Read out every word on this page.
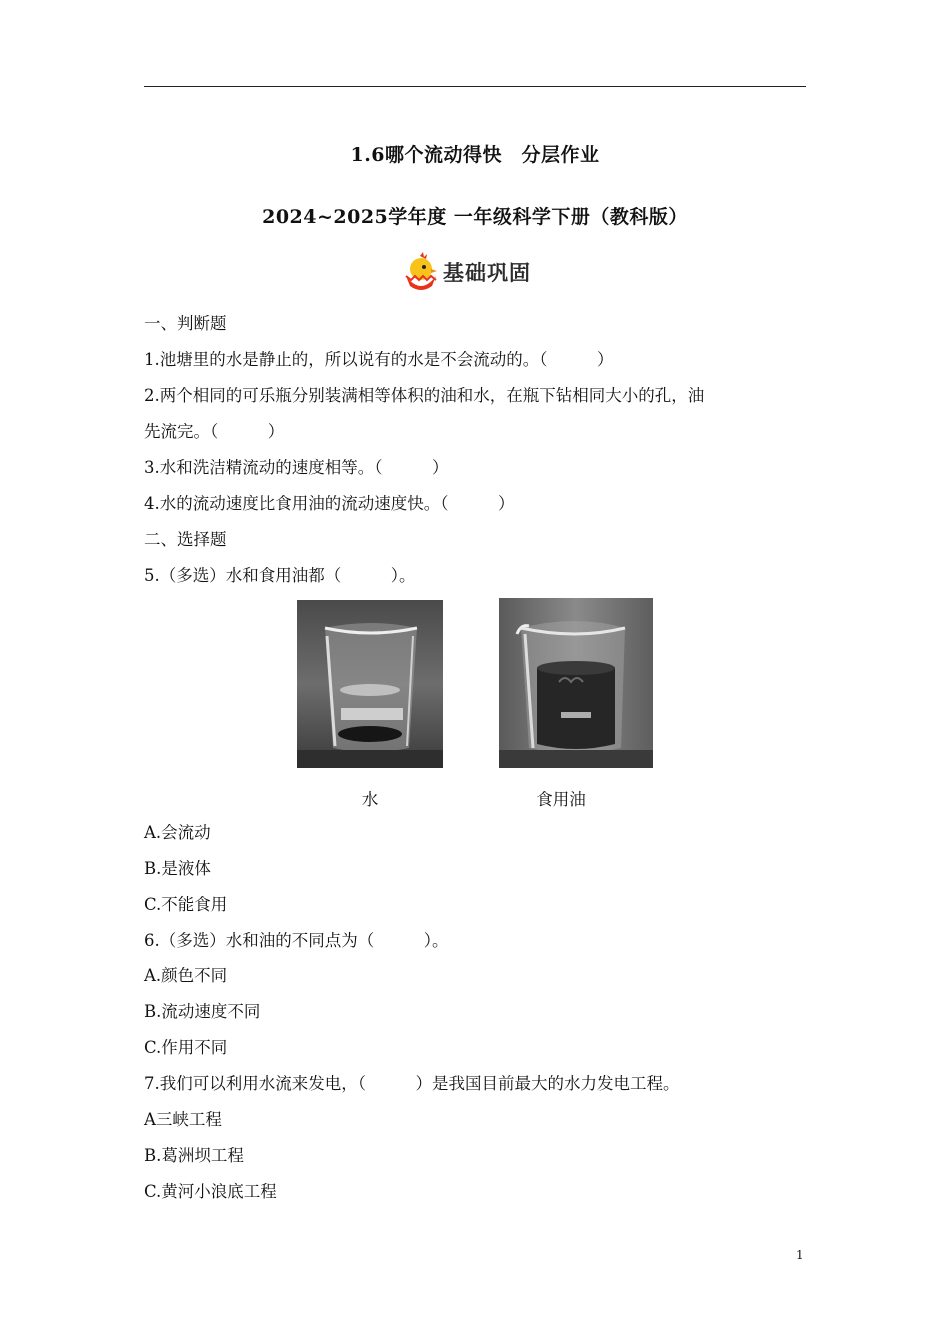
1.6哪个流动得快　分层作业
2024~2025学年度 一年级科学下册（教科版）
基础巩固
一、判断题
1.池塘里的水是静止的，所以说有的水是不会流动的。（　　　）
2.两个相同的可乐瓶分别装满相等体积的油和水，在瓶下钻相同大小的孔，油
先流完。（　　　）
3.水和洗洁精流动的速度相等。（　　　）
4.水的流动速度比食用油的流动速度快。（　　　）
二、选择题
5.（多选）水和食用油都（　　　）。
水	食用油
A.会流动
B.是液体
C.不能食用
6.（多选）水和油的不同点为（　　　）。
A.颜色不同
B.流动速度不同
C.作用不同
7.我们可以利用水流来发电，（　　　）是我国目前最大的水力发电工程。
A三峡工程
B.葛洲坝工程
C.黄河小浪底工程
1
